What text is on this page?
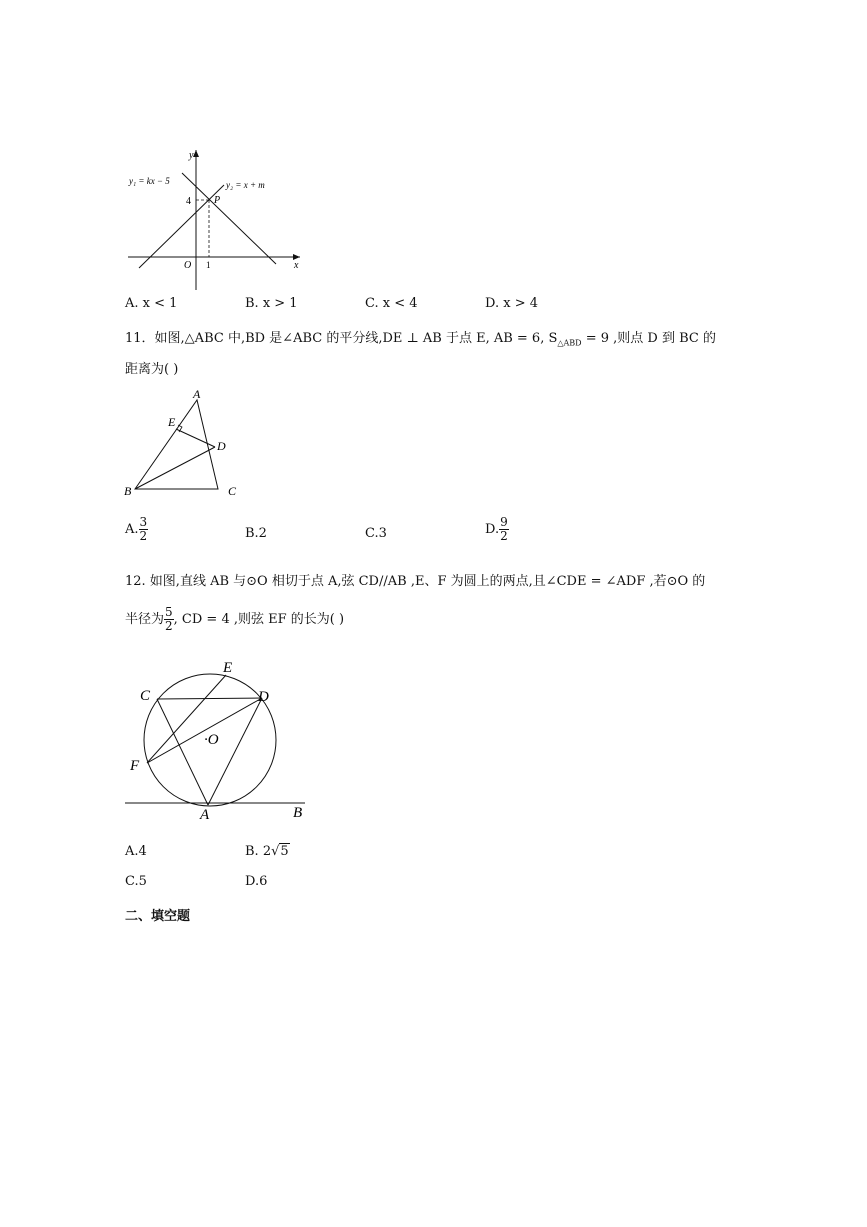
y
x
O 1
4 P
y₁ = kx − 5	y₂ = x + m
A. x < 1	B. x > 1	C. x < 4	D. x > 4
11．如图,△ABC 中,BD 是∠ABC 的平分线,DE ⊥ AB 于点 E, AB = 6, $S_{\triangle ABD} = 9$ ,则点 D 到 BC 的
距离为( )
A
B	C
D
E
A. $\frac{3}{2}$	B.2	C.3	D. $\frac{9}{2}$
12. 如图,直线 AB 与⊙O 相切于点 A,弦 CD//AB ,E、F 为圆上的两点,且∠CDE = ∠ADF ,若⊙O 的
半径为 $\frac{5}{2}$ , CD = 4 ,则弦 EF 的长为( )
C	D
E
F
A	B
·O
A.4	B. 2√5
C.5	D.6
二、填空题
